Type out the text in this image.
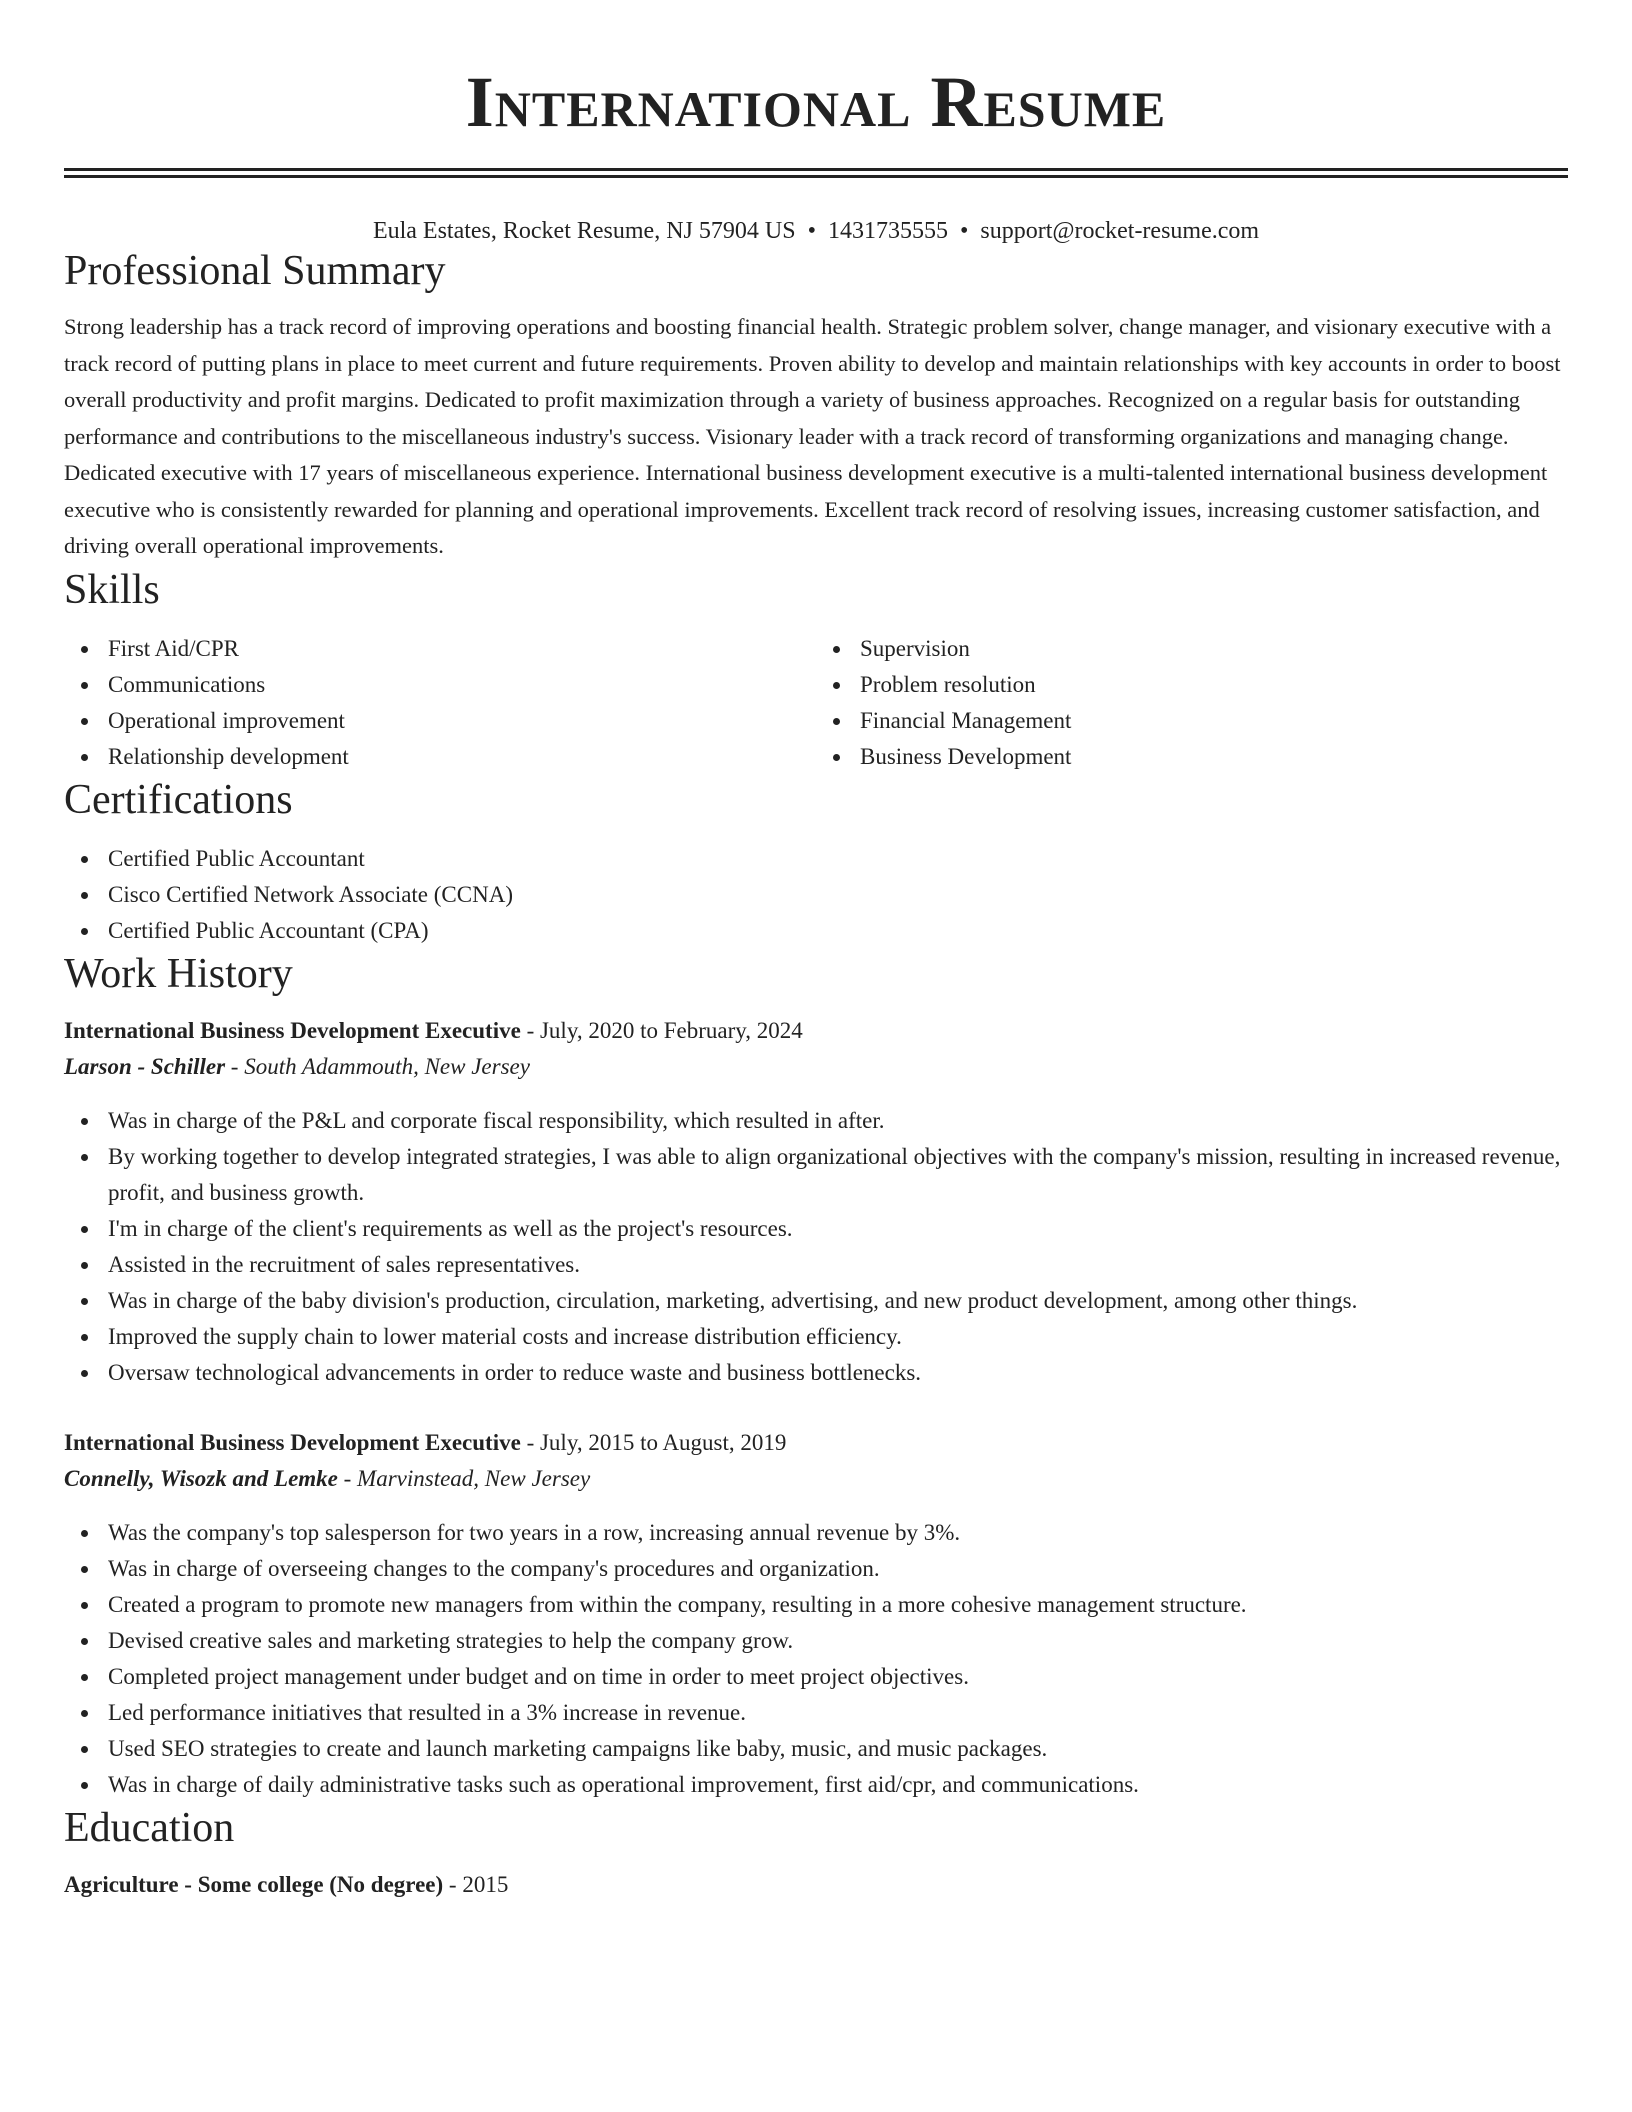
International Resume
Eula Estates, Rocket Resume, NJ 57904 US • 1431735555 • support@rocket-resume.com
Professional Summary

Strong leadership has a track record of improving operations and boosting financial health. Strategic problem solver, change manager, and visionary executive with a track record of putting plans in place to meet current and future requirements. Proven ability to develop and maintain relationships with key accounts in order to boost overall productivity and profit margins. Dedicated to profit maximization through a variety of business approaches. Recognized on a regular basis for outstanding performance and contributions to the miscellaneous industry's success. Visionary leader with a track record of transforming organizations and managing change. Dedicated executive with 17 years of miscellaneous experience. International business development executive is a multi-talented international business development executive who is consistently rewarded for planning and operational improvements. Excellent track record of resolving issues, increasing customer satisfaction, and driving overall operational improvements.

Skills
First Aid/CPR
Communications
Operational improvement
Relationship development
Supervision
Problem resolution
Financial Management
Business Development
Certifications
Certified Public Accountant
Cisco Certified Network Associate (CCNA)
Certified Public Accountant (CPA)
Work History
International Business Development Executive - July, 2020 to February, 2024
Larson - Schiller - South Adammouth, New Jersey
Was in charge of the P&L and corporate fiscal responsibility, which resulted in after.
By working together to develop integrated strategies, I was able to align organizational objectives with the company's mission, resulting in increased revenue, profit, and business growth.
I'm in charge of the client's requirements as well as the project's resources.
Assisted in the recruitment of sales representatives.
Was in charge of the baby division's production, circulation, marketing, advertising, and new product development, among other things.
Improved the supply chain to lower material costs and increase distribution efficiency.
Oversaw technological advancements in order to reduce waste and business bottlenecks.
International Business Development Executive - July, 2015 to August, 2019
Connelly, Wisozk and Lemke - Marvinstead, New Jersey
Was the company's top salesperson for two years in a row, increasing annual revenue by 3%.
Was in charge of overseeing changes to the company's procedures and organization.
Created a program to promote new managers from within the company, resulting in a more cohesive management structure.
Devised creative sales and marketing strategies to help the company grow.
Completed project management under budget and on time in order to meet project objectives.
Led performance initiatives that resulted in a 3% increase in revenue.
Used SEO strategies to create and launch marketing campaigns like baby, music, and music packages.
Was in charge of daily administrative tasks such as operational improvement, first aid/cpr, and communications.
Education
Agriculture - Some college (No degree) - 2015
